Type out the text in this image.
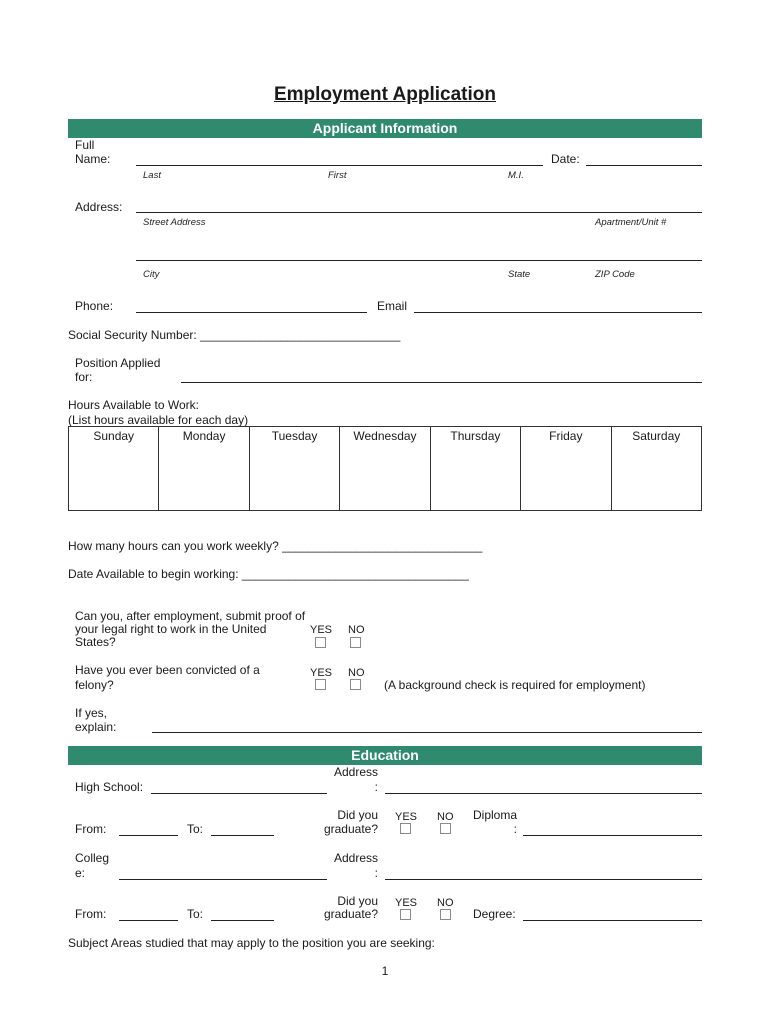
Employment Application
Applicant Information
Full
Name:	Date:
Last	First	M.I.
Address:
Street Address	Apartment/Unit #
City	State	ZIP Code
Phone:	Email
Social Security Number: ______________________________
Position Applied
for:
Hours Available to Work:
(List hours available for each day)
Sunday	Monday	Tuesday	Wednesday	Thursday	Friday	Saturday
How many hours can you work weekly? ______________________________
Date Available to begin working: __________________________________
Can you, after employment, submit proof of
your legal right to work in the United
States?
YES NO
Have you ever been convicted of a
felony?
YES NO
(A background check is required for employment)
If yes,
explain:
Education
High School:
Address
:
From:	To:
Did you
graduate?
YES NO	Diploma
:
Colleg
e:
Address
:
From:	To:
Did you
graduate?
YES NO
Degree:
Subject Areas studied that may apply to the position you are seeking:
1
